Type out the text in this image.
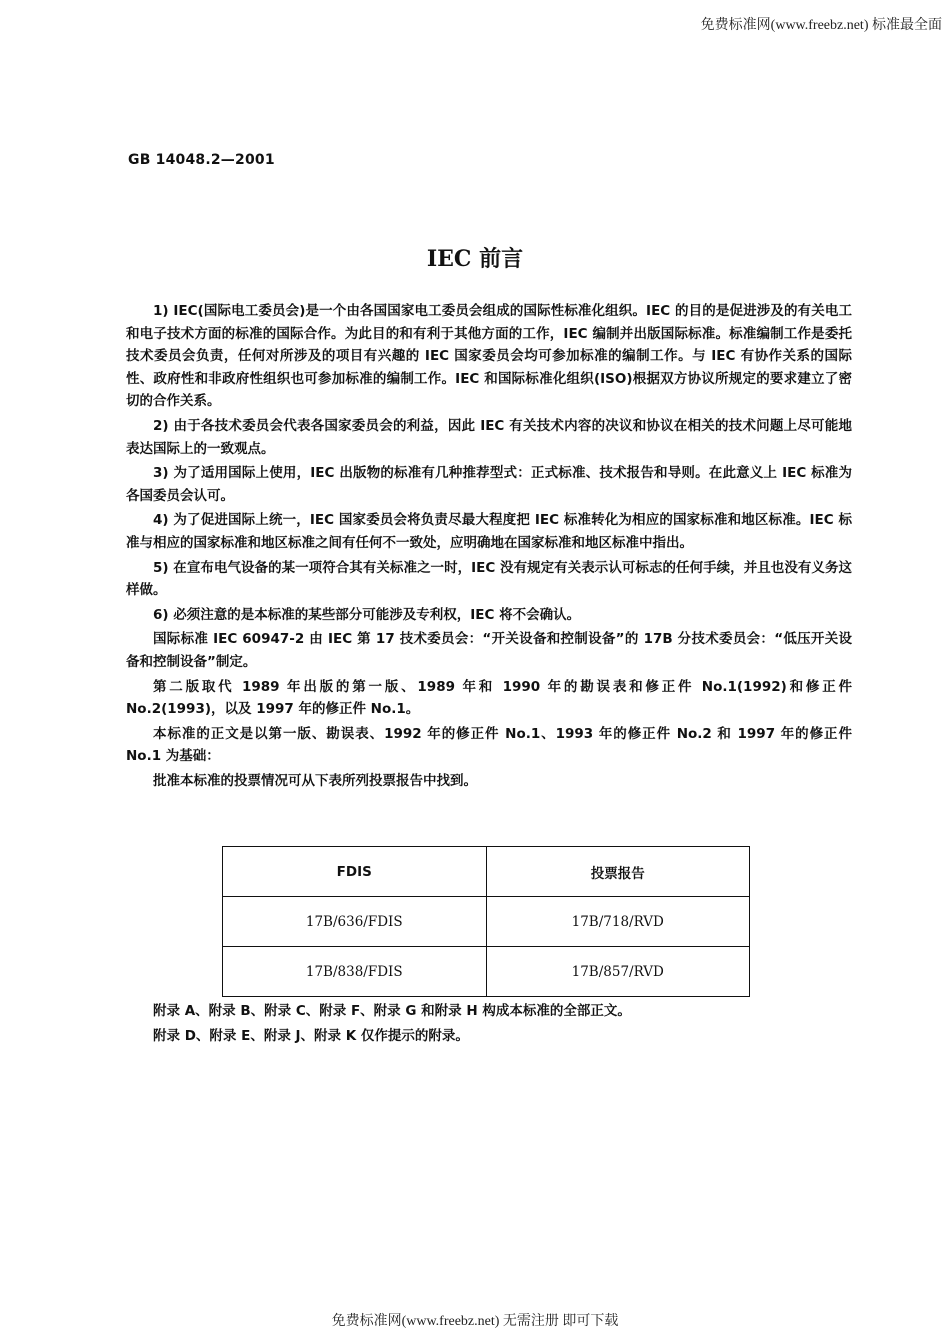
免费标准网(www.freebz.net) 标准最全面
GB 14048.2—2001
IEC 前言

1) IEC(国际电工委员会)是一个由各国国家电工委员会组成的国际性标准化组织。IEC 的目的是促进涉及的有关电工和电子技术方面的标准的国际合作。为此目的和有利于其他方面的工作，IEC 编制并出版国际标准。标准编制工作是委托技术委员会负责，任何对所涉及的项目有兴趣的 IEC 国家委员会均可参加标准的编制工作。与 IEC 有协作关系的国际性、政府性和非政府性组织也可参加标准的编制工作。IEC 和国际标准化组织(ISO)根据双方协议所规定的要求建立了密切的合作关系。

2) 由于各技术委员会代表各国家委员会的利益，因此 IEC 有关技术内容的决议和协议在相关的技术问题上尽可能地表达国际上的一致观点。

3) 为了适用国际上使用，IEC 出版物的标准有几种推荐型式：正式标准、技术报告和导则。在此意义上 IEC 标准为各国委员会认可。

4) 为了促进国际上统一，IEC 国家委员会将负责尽最大程度把 IEC 标准转化为相应的国家标准和地区标准。IEC 标准与相应的国家标准和地区标准之间有任何不一致处，应明确地在国家标准和地区标准中指出。

5) 在宣布电气设备的某一项符合其有关标准之一时，IEC 没有规定有关表示认可标志的任何手续，并且也没有义务这样做。

6) 必须注意的是本标准的某些部分可能涉及专利权，IEC 将不会确认。

国际标准 IEC 60947-2 由 IEC 第 17 技术委员会：“开关设备和控制设备”的 17B 分技术委员会：“低压开关设备和控制设备”制定。

第二版取代 1989 年出版的第一版、1989 年和 1990 年的勘误表和修正件 No.1(1992)和修正件 No.2(1993)，以及 1997 年的修正件 No.1。

本标准的正文是以第一版、勘误表、1992 年的修正件 No.1、1993 年的修正件 No.2 和 1997 年的修正件 No.1 为基础：

批准本标准的投票情况可从下表所列投票报告中找到。

FDIS	投票报告
17B/636/FDIS	17B/718/RVD
17B/838/FDIS	17B/857/RVD

附录 A、附录 B、附录 C、附录 F、附录 G 和附录 H 构成本标准的全部正文。

附录 D、附录 E、附录 J、附录 K 仅作提示的附录。

免费标准网(www.freebz.net) 无需注册 即可下载
